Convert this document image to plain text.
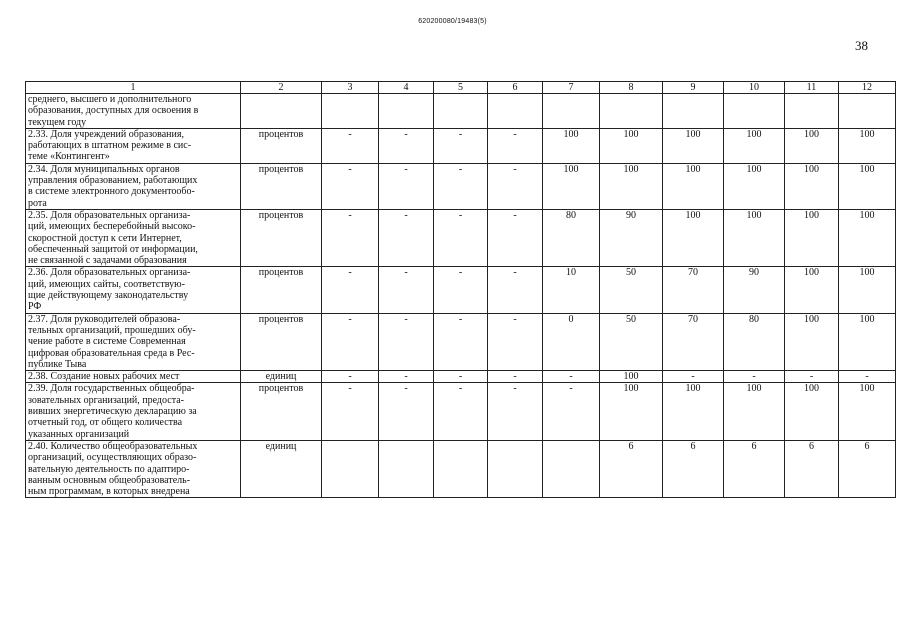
620200080/19483(5)
38
1	2	3	4	5	6	7	8	9	10	11	12

среднего, высшего и дополнительного
образования, доступных для освоения в
текущем году											

2.33. Доля учреждений образования,
работающих в штатном режиме в сис-
теме «Контингент»	процентов	-	-	-	-	100	100	100	100	100	100

2.34. Доля муниципальных органов
управления образованием, работающих
в системе электронного документообо-
рота	процентов	-	-	-	-	100	100	100	100	100	100

2.35. Доля образовательных организа-
ций, имеющих бесперебойный высоко-
скоростной доступ к сети Интернет,
обеспеченный защитой от информации,
не связанной с задачами образования	процентов	-	-	-	-	80	90	100	100	100	100

2.36. Доля образовательных организа-
ций, имеющих сайты, соответствую-
щие действующему законодательству
РФ	процентов	-	-	-	-	10	50	70	90	100	100

2.37. Доля руководителей образова-
тельных организаций, прошедших обу-
чение работе в системе Современная
цифровая образовательная среда в Рес-
публике Тыва	процентов	-	-	-	-	0	50	70	80	100	100

2.38. Создание новых рабочих мест	единиц	-	-	-	-	-	100	-	-	-	-

2.39. Доля государственных общеобра-
зовательных организаций, предоста-
вивших энергетическую декларацию за
отчетный год, от общего количества
указанных организаций	процентов	-	-	-	-	-	100	100	100	100	100

2.40. Количество общеобразовательных
организаций, осуществляющих образо-
вательную деятельность по адаптиро-
ванным основным общеобразователь-
ным программам, в которых внедрена	единиц						6	6	6	6	6
